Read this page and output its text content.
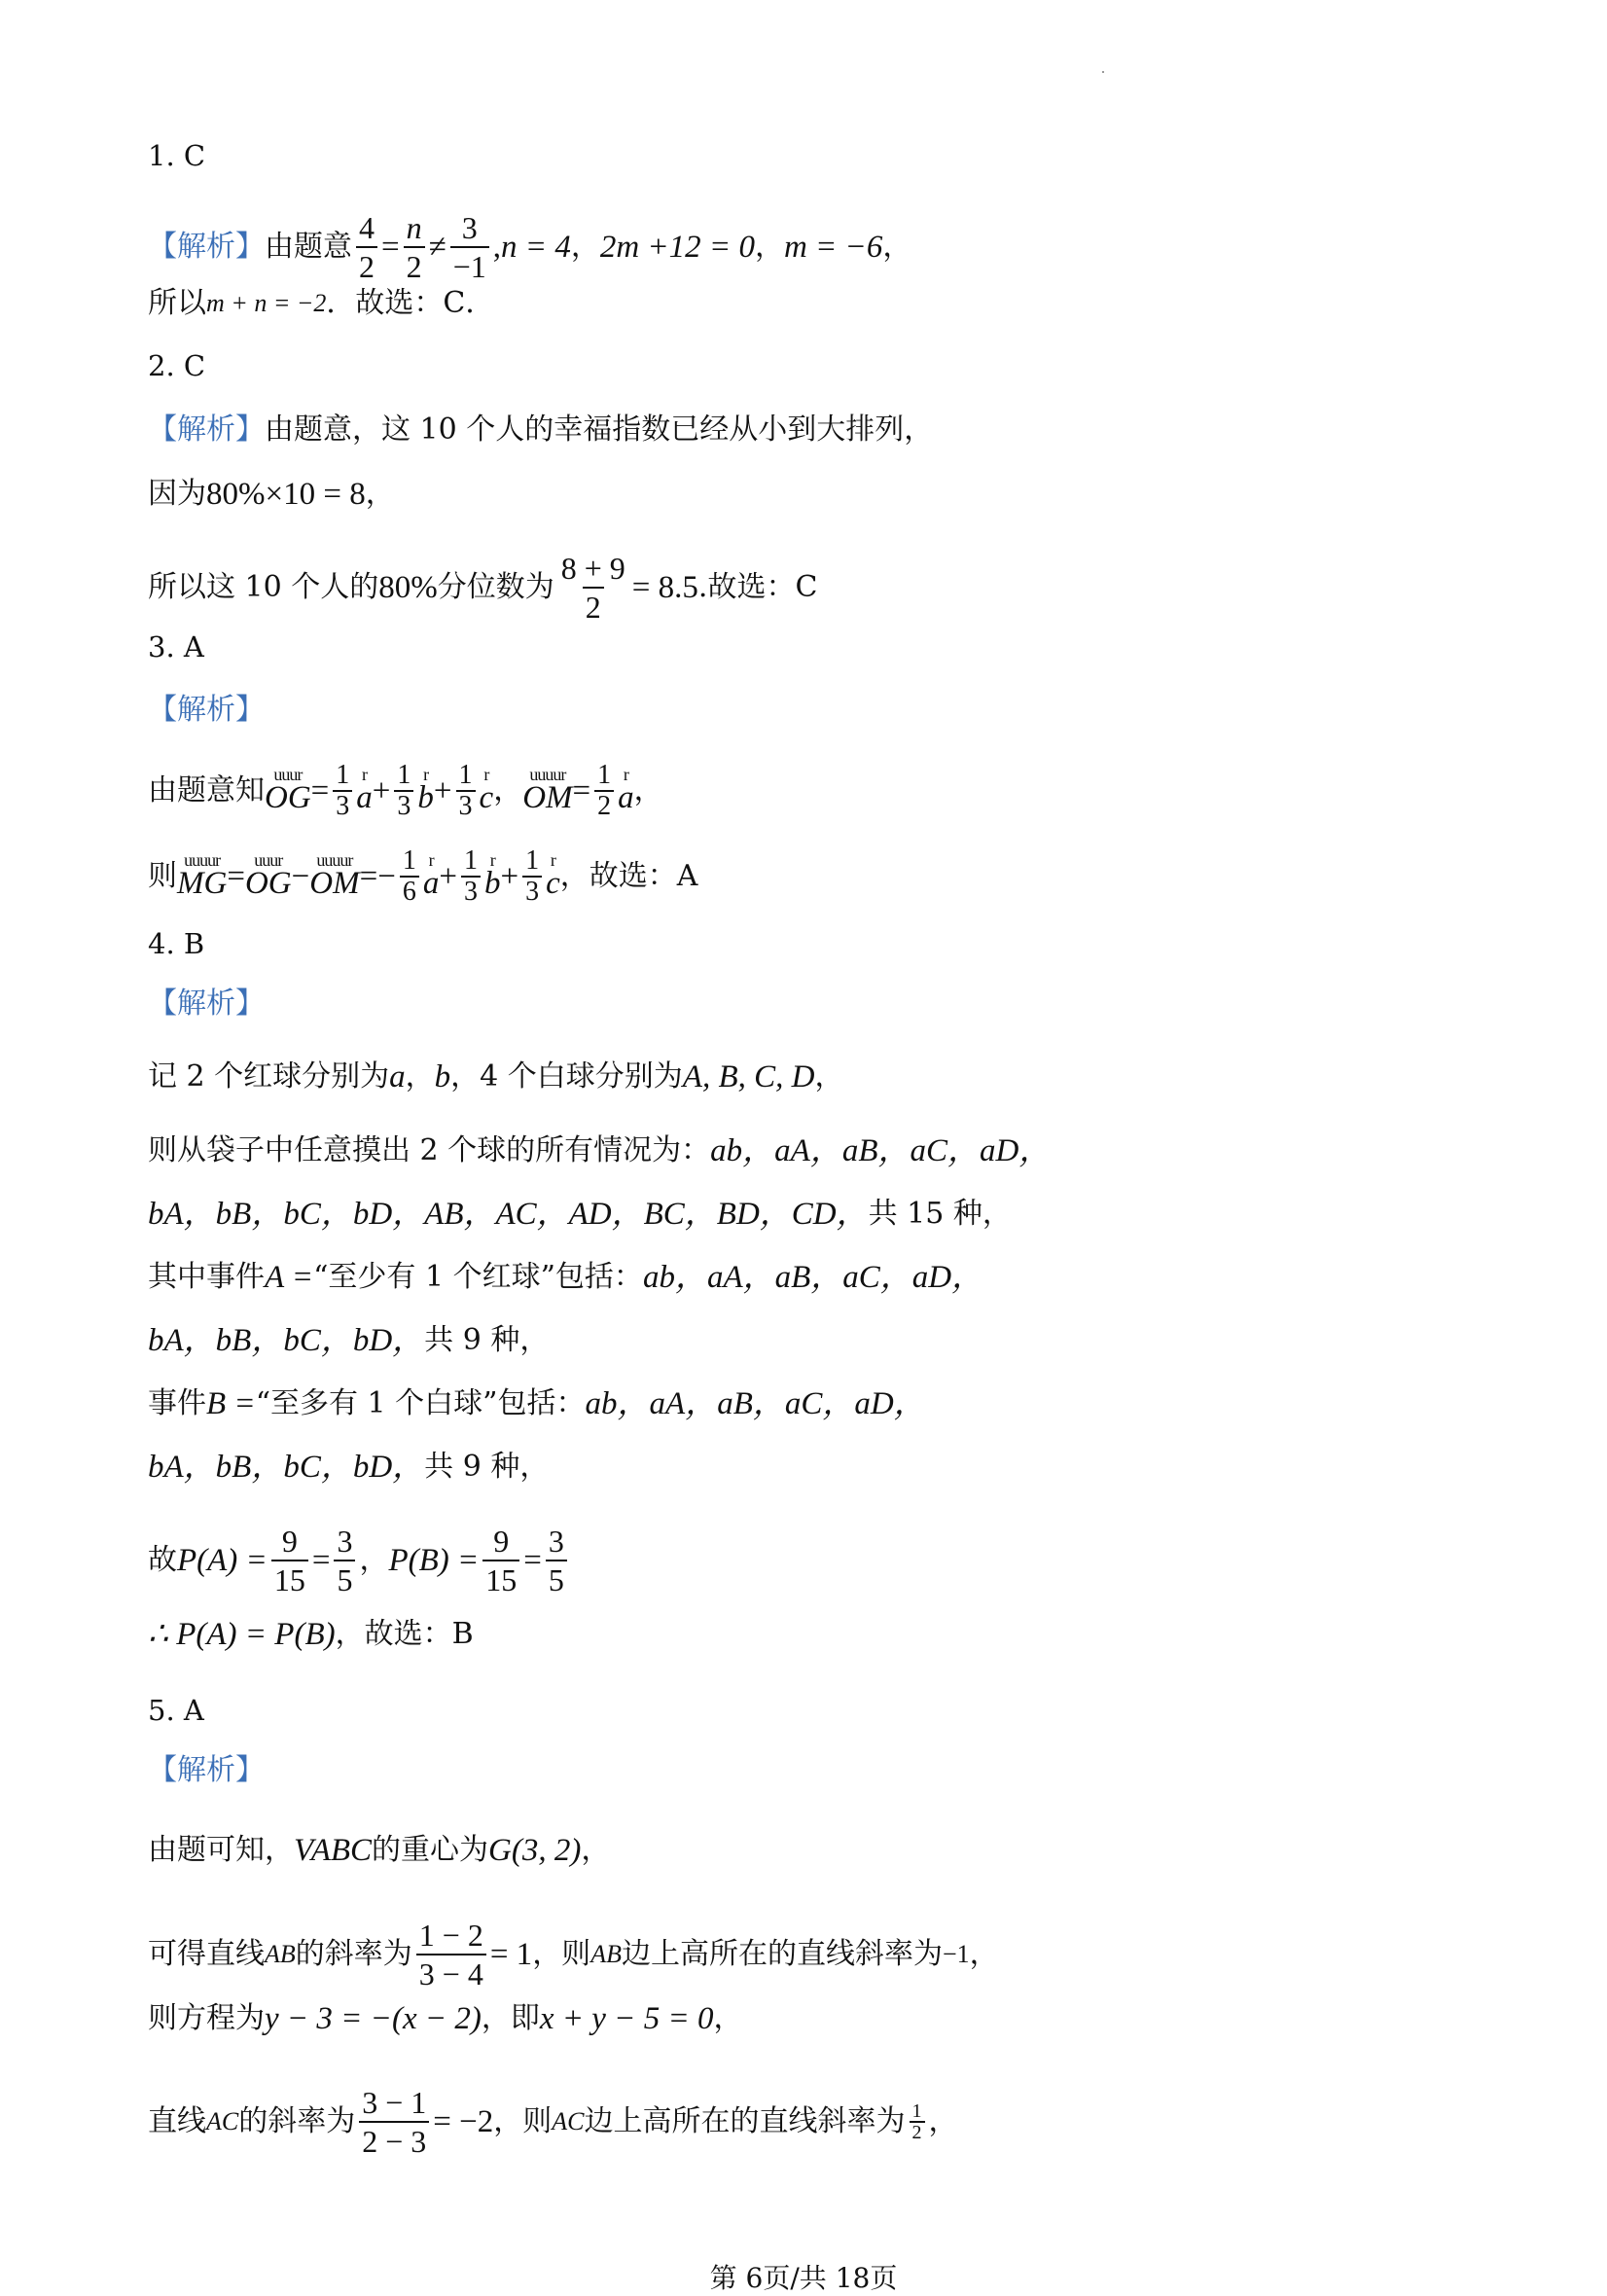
1. C
【解析】 由题意 $\frac{4}{2} = \frac{n}{2} \ne \frac{3}{-1}$ , n = 4 ， 2m +12 = 0 ， m = −6 ，
所以 m + n = −2 ．故选：C．
2. C
【解析】 由题意，这 10 个人的幸福指数已经从小到大排列，
因为 80%×10 = 8 ，
所以这 10 个人的 80% 分位数为 $\frac{8 + 9}{2} = 8.5$ .故选：C
3. A
【解析】
由题意知 uuur
OG = $\frac{1}{3}$ r
$a + \frac{1}{3}$ r
$b + \frac{1}{3}$ r
c ， uuuur
OM = $\frac{1}{2}$ r
a ，
则 uuuur
MG = uuur
OG − uuuur
OM = − $\frac{1}{6}$ r
$a + \frac{1}{3}$ r
$b + \frac{1}{3}$ r
c ，故选：A
4. B
【解析】
记 2 个红球分别为 a ， b ，4 个白球分别为 A, B, C, D ，
则从袋子中任意摸出 2 个球的所有情况为： ab，aA，aB，aC，aD，
bA，bB，bC，bD，AB，AC，AD，BC，BD，CD， 共 15 种，
其中事件 A = “至少有 1 个红球”包括： ab，aA，aB，aC，aD，
bA，bB，bC，bD， 共 9 种，
事件 B = “至多有 1 个白球”包括： ab，aA，aB，aC，aD，
bA，bB，bC，bD， 共 9 种，
故 $P(A) = \frac{9}{15} = \frac{3}{5}$ ， $P(B) = \frac{9}{15} = \frac{3}{5}$
∴ P(A) = P(B) ，故选：B
5. A
【解析】
由题可知， VABC 的重心为 G(3, 2) ，
可得直线 AB 的斜率为 $\frac{1 - 2}{3 - 4} = 1$ ，则 AB 边上高所在的直线斜率为 −1 ，
则方程为 y − 3 = −(x − 2) ，即 x + y − 5 = 0 ，
直线 AC 的斜率为 $\frac{3 - 1}{2 - 3} = -2$ ，则 AC 边上高所在的直线斜率为 $\frac{1}{2}$ ，
第 6页/共 18页
